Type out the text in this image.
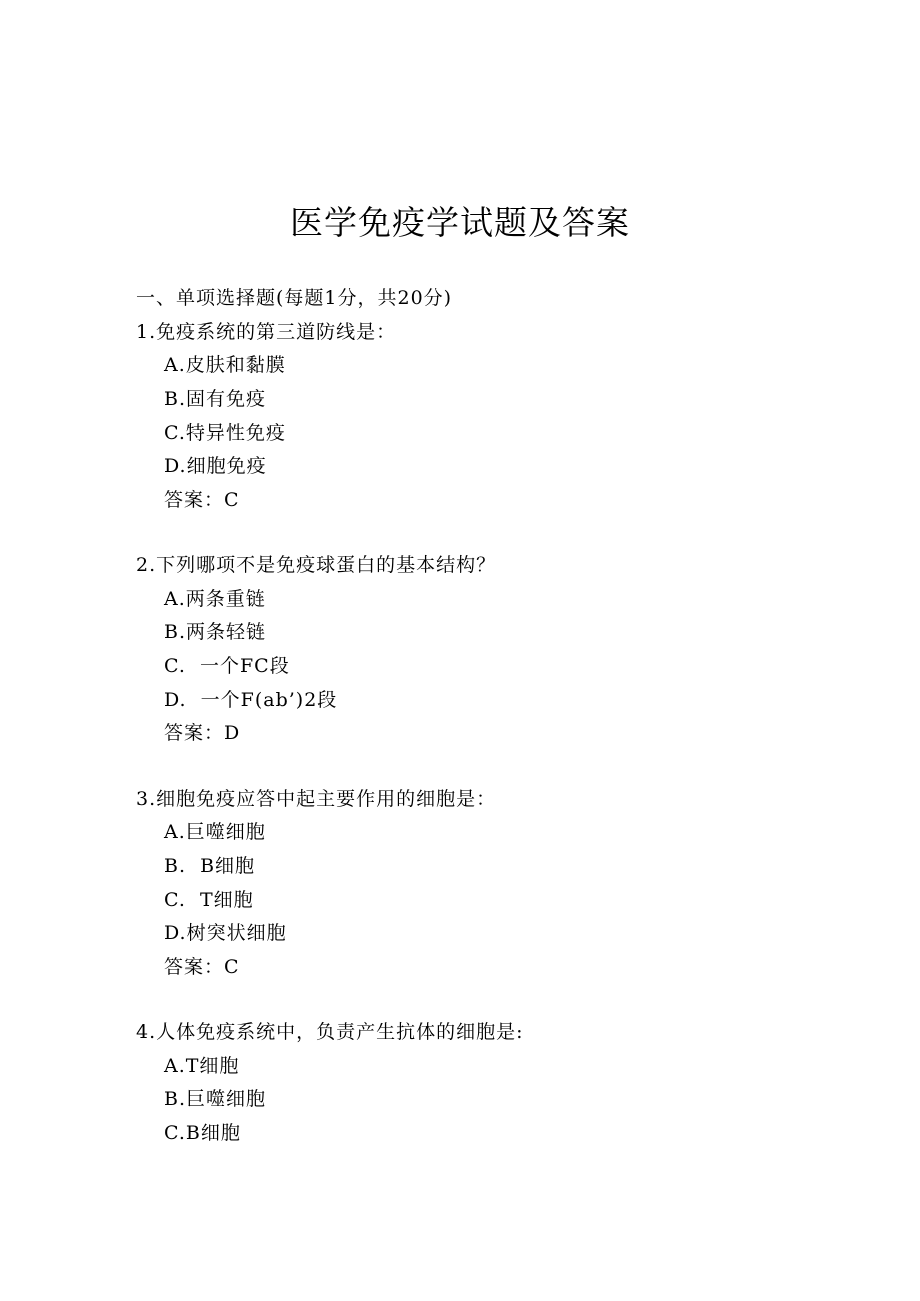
医学免疫学试题及答案
一、单项选择题(每题1分，共20分)
1.免疫系统的第三道防线是：
A.皮肤和黏膜
B.固有免疫
C.特异性免疫
D.细胞免疫
答案：C
2.下列哪项不是免疫球蛋白的基本结构？
A.两条重链
B.两条轻链
C.  一个FC段
D.  一个F(ab’)2段
答案：D
3.细胞免疫应答中起主要作用的细胞是：
A.巨噬细胞
B.  B细胞
C.  T细胞
D.树突状细胞
答案：C
4.人体免疫系统中，负责产生抗体的细胞是:
A.T细胞
B.巨噬细胞
C.B细胞
